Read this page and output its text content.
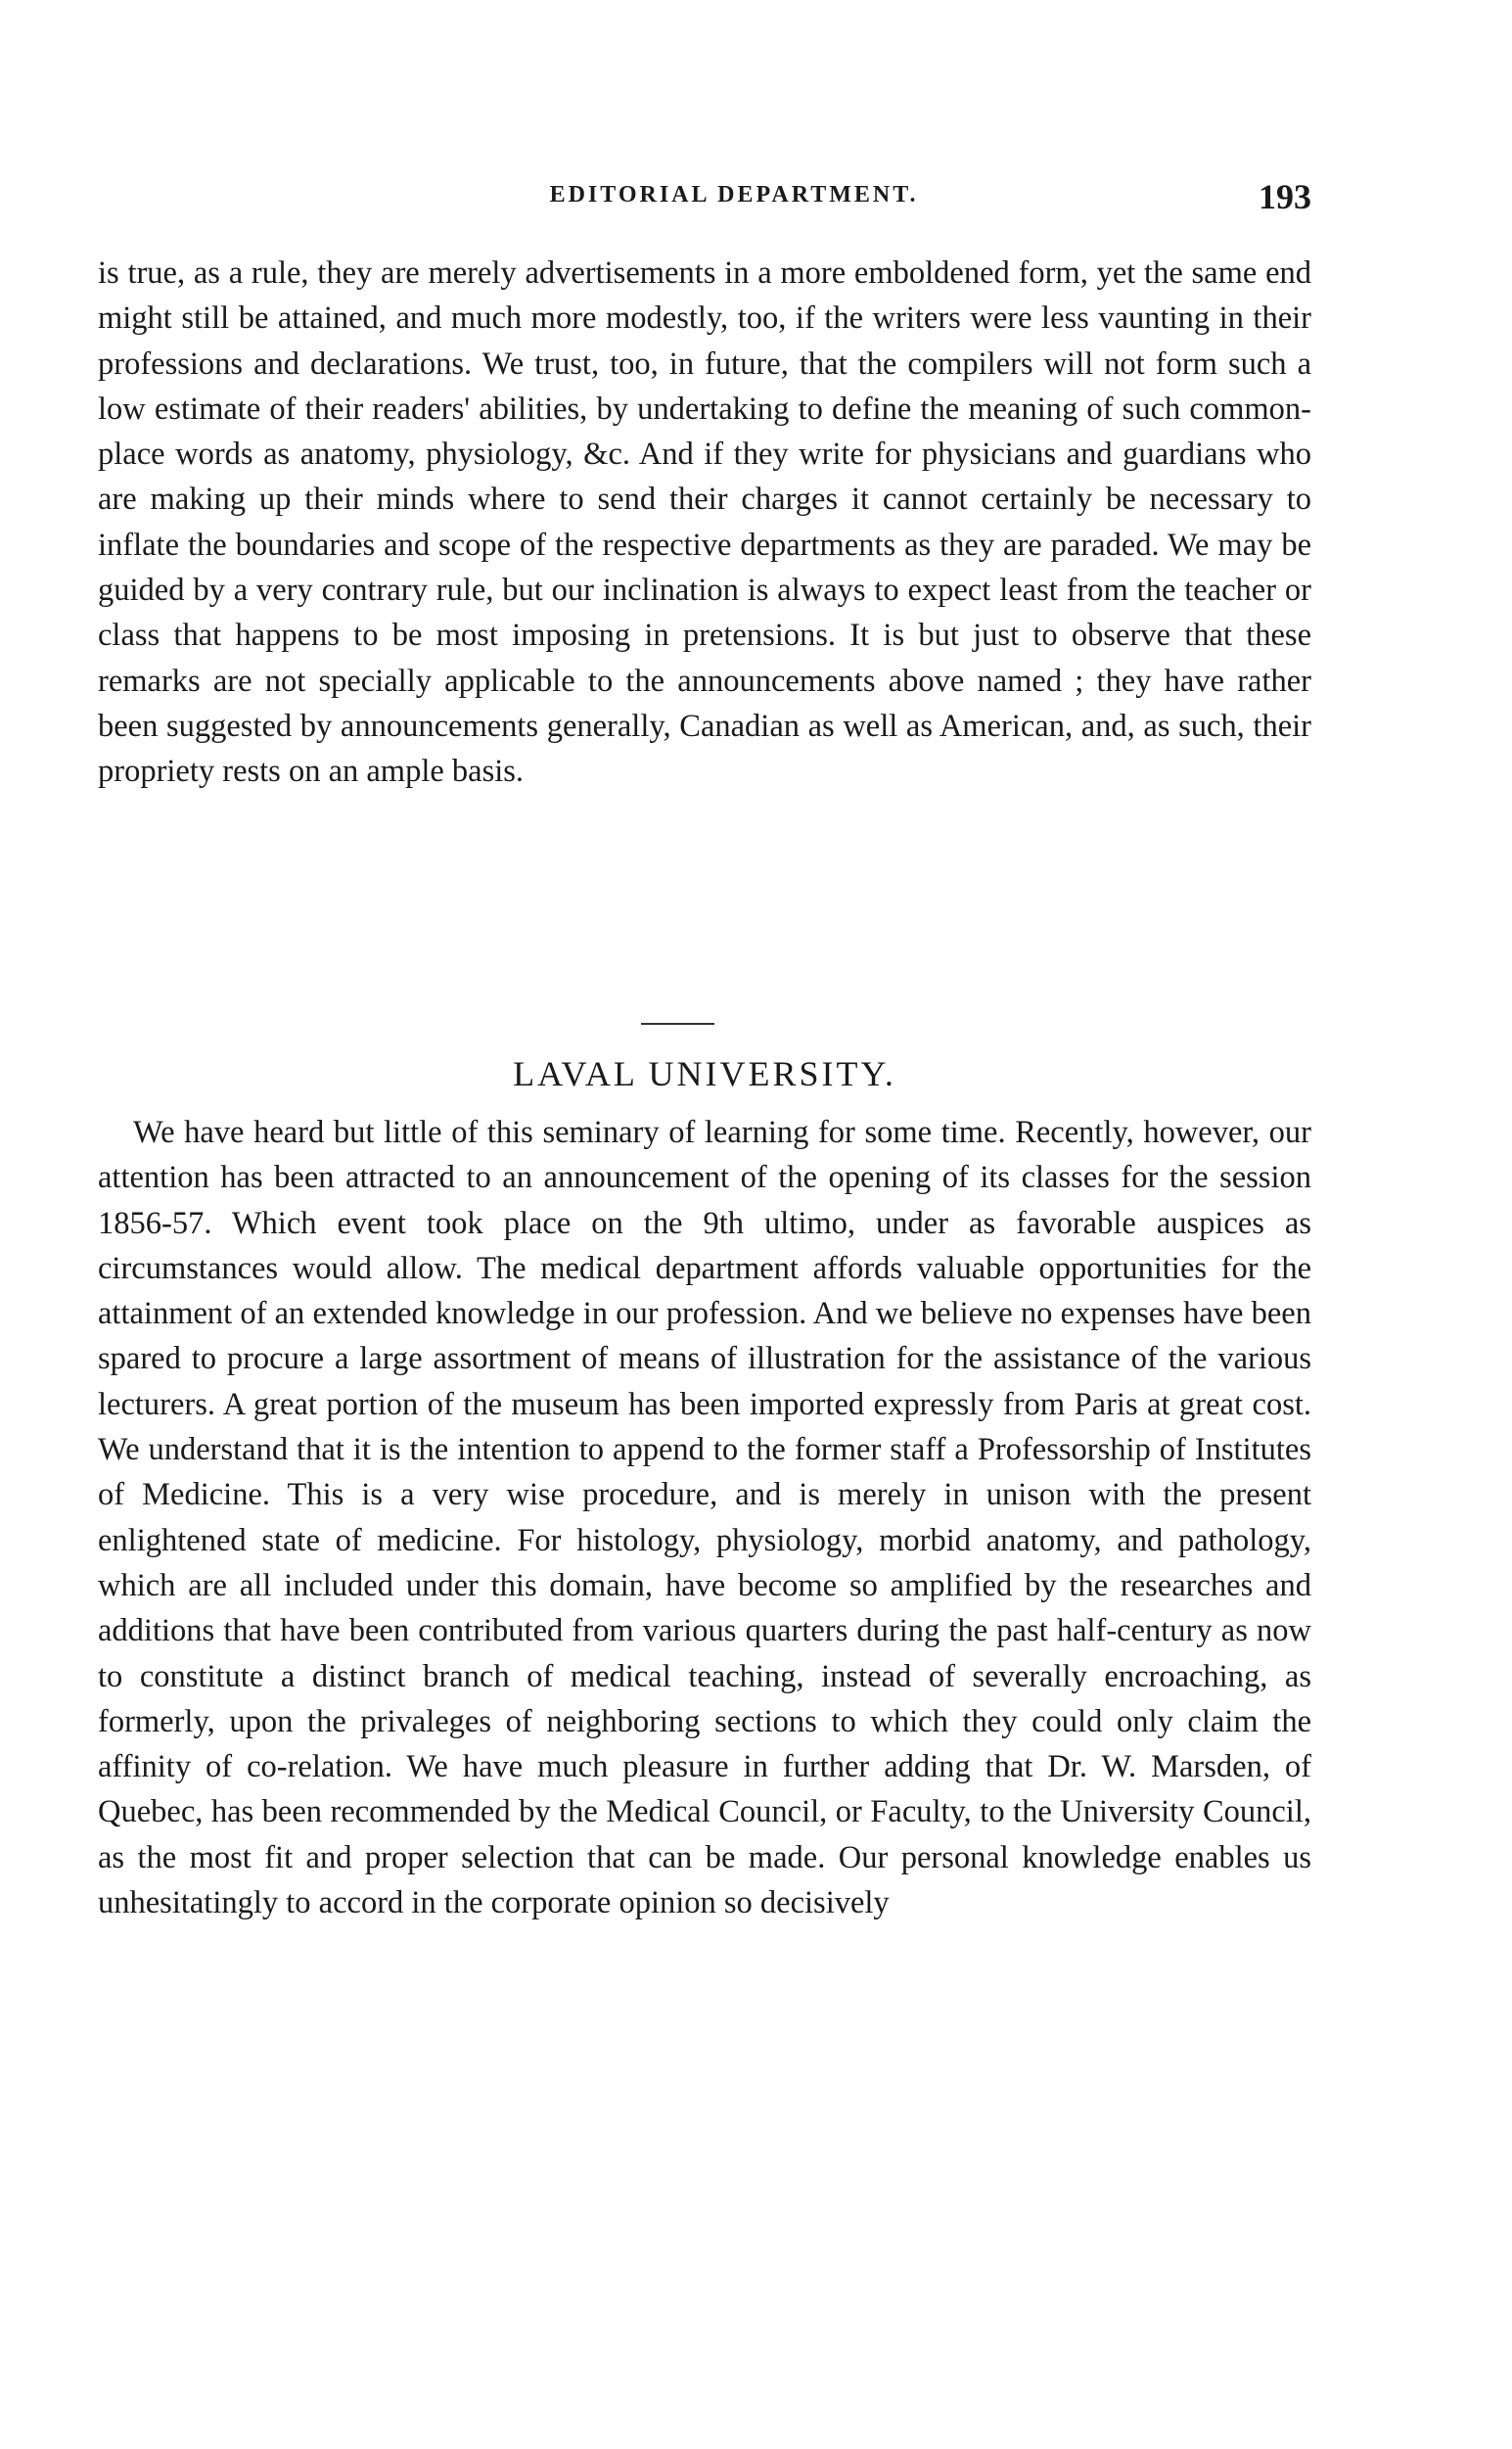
EDITORIAL DEPARTMENT.	193

is true, as a rule, they are merely advertisements in a more emboldened form, yet the same end might still be attained, and much more modestly, too, if the writers were less vaunting in their professions and declarations. We trust, too, in future, that the compilers will not form such a low estimate of their readers' abilities, by undertaking to define the meaning of such common-place words as anatomy, physiology, &c. And if they write for physicians and guardians who are making up their minds where to send their charges it cannot certainly be necessary to inflate the boundaries and scope of the respective departments as they are paraded. We may be guided by a very contrary rule, but our inclination is always to expect least from the teacher or class that happens to be most imposing in pretensions. It is but just to observe that these remarks are not specially applicable to the announcements above named ; they have rather been suggested by announcements generally, Canadian as well as American, and, as such, their propriety rests on an ample basis.

LAVAL UNIVERSITY.

We have heard but little of this seminary of learning for some time. Recently, however, our attention has been attracted to an announcement of the opening of its classes for the session 1856-57. Which event took place on the 9th ultimo, under as favorable auspices as circumstances would allow. The medical department affords valuable opportunities for the attainment of an extended knowledge in our profession. And we believe no expenses have been spared to procure a large assortment of means of illustration for the assistance of the various lecturers. A great portion of the museum has been imported expressly from Paris at great cost. We understand that it is the intention to append to the former staff a Professorship of Institutes of Medicine. This is a very wise procedure, and is merely in unison with the present enlightened state of medicine. For histology, physiology, morbid anatomy, and pathology, which are all included under this domain, have become so amplified by the researches and additions that have been contributed from various quarters during the past half-century as now to constitute a distinct branch of medical teaching, instead of severally encroaching, as formerly, upon the privaleges of neighboring sections to which they could only claim the affinity of co-relation. We have much pleasure in further adding that Dr. W. Marsden, of Quebec, has been recommended by the Medical Council, or Faculty, to the University Council, as the most fit and proper selection that can be made. Our personal knowledge enables us unhesitatingly to accord in the corporate opinion so decisively
